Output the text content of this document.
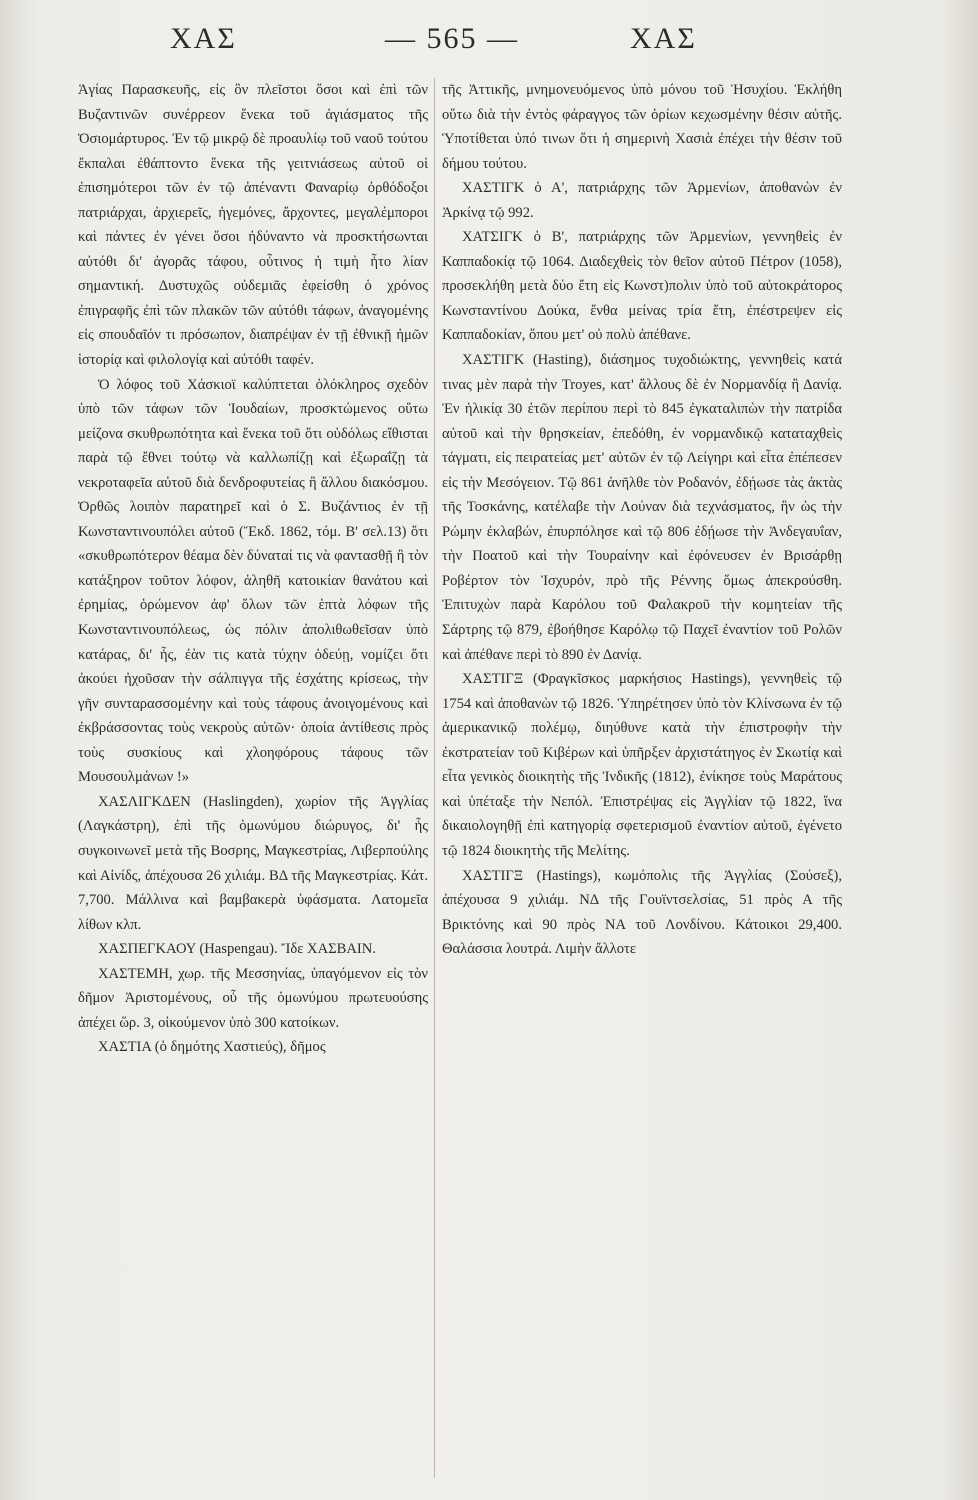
ΧΑΣ	— 565 —	ΧΑΣ

Ἁγίας Παρασκευῆς, εἰς ὃν πλεῖστοι ὅσοι καὶ ἐπὶ τῶν Βυζαντινῶν συνέρρεον ἕνεκα τοῦ ἁγιάσματος τῆς Ὁσιομάρτυρος. Ἐν τῷ μικρῷ δὲ προαυλίῳ τοῦ ναοῦ τούτου ἔκπαλαι ἐθάπτοντο ἕνεκα τῆς γειτνιάσεως αὐτοῦ οἱ ἐπισημότεροι τῶν ἐν τῷ ἀπέναντι Φαναρίῳ ὀρθόδοξοι πατριάρχαι, ἀρχιερεῖς, ἡγεμόνες, ἄρχοντες, μεγαλέμποροι καὶ πάντες ἐν γένει ὅσοι ἠδύναντο νὰ προσκτήσωνται αὐτόθι δι' ἀγορᾶς τάφου, οὗτινος ἡ τιμὴ ἦτο λίαν σημαντική. Δυστυχῶς οὐδεμιᾶς ἐφείσθη ὁ χρόνος ἐπιγραφῆς ἐπὶ τῶν πλακῶν τῶν αὐτόθι τάφων, ἀναγομένης εἰς σπουδαῖόν τι πρόσωπον, διαπρέψαν ἐν τῇ ἐθνικῇ ἡμῶν ἱστορίᾳ καὶ φιλολογίᾳ καὶ αὐτόθι ταφέν.

Ὁ λόφος τοῦ Χάσκιοϊ καλύπτεται ὁλόκληρος σχεδὸν ὑπὸ τῶν τάφων τῶν Ἰουδαίων, προσκτώμενος οὕτω μείζονα σκυθρωπότητα καὶ ἕνεκα τοῦ ὅτι οὐδόλως εἴθισται παρὰ τῷ ἔθνει τούτῳ νὰ καλλωπίζῃ καὶ ἐξωραΐζῃ τὰ νεκροταφεῖα αὐτοῦ διὰ δενδροφυτείας ἢ ἄλλου διακόσμου. Ὀρθῶς λοιπὸν παρατηρεῖ καὶ ὁ Σ. Βυζάντιος ἐν τῇ Κωνσταντινουπόλει αὐτοῦ (Ἔκδ. 1862, τόμ. Β' σελ.13) ὅτι «σκυθρωπότερον θέαμα δὲν δύναταί τις νὰ φαντασθῇ ἢ τὸν κατάξηρον τοῦτον λόφον, ἀληθῆ κατοικίαν θανάτου καὶ ἐρημίας, ὁρώμενον ἀφ' ὅλων τῶν ἑπτὰ λόφων τῆς Κωνσταντινουπόλεως, ὡς πόλιν ἀπολιθωθεῖσαν ὑπὸ κατάρας, δι' ἧς, ἐὰν τις κατὰ τύχην ὁδεύῃ, νομίζει ὅτι ἀκούει ἠχοῦσαν τὴν σάλπιγγα τῆς ἐσχάτης κρίσεως, τὴν γῆν συνταρασσομένην καὶ τοὺς τάφους ἀνοιγομένους καὶ ἐκβράσσοντας τοὺς νεκροὺς αὐτῶν· ὁποία ἀντίθεσις πρὸς τοὺς συσκίους καὶ χλοηφόρους τάφους τῶν Μουσουλμάνων !»

ΧΑΣΛΙΓΚΔΕΝ (Haslingden), χωρίον τῆς Ἀγγλίας (Λαγκάστρη), ἐπὶ τῆς ὁμωνύμου διώρυγος, δι' ἧς συγκοινωνεῖ μετὰ τῆς Βοσρης, Μαγκεστρίας, Λιβερπούλης καὶ Αἰνίδς, ἀπέχουσα 26 χιλιάμ. ΒΔ τῆς Μαγκεστρίας. Κάτ. 7,700. Μάλλινα καὶ βαμβακερὰ ὑφάσματα. Λατομεῖα λίθων κλπ.

ΧΑΣΠΕΓΚΑΟΥ (Haspengau). Ἴδε ΧΑΣΒΑΙΝ.

ΧΑΣΤΕΜΗ, χωρ. τῆς Μεσσηνίας, ὑπαγόμενον εἰς τὸν δῆμον Ἀριστομένους, οὗ τῆς ὁμωνύμου πρωτευούσης ἀπέχει ὥρ. 3, οἰκούμενον ὑπὸ 300 κατοίκων.

ΧΑΣΤΙΑ (ὁ δημότης Χαστιεύς), δῆμος

τῆς Ἀττικῆς, μνημονευόμενος ὑπὸ μόνου τοῦ Ἡσυχίου. Ἐκλήθη οὕτω διὰ τὴν ἐντὸς φάραγγος τῶν ὁρίων κεχωσμένην θέσιν αὐτῆς. Ὑποτίθεται ὑπό τινων ὅτι ἡ σημερινὴ Χασιὰ ἐπέχει τὴν θέσιν τοῦ δήμου τούτου.

ΧΑΣΤΙΓΚ ὁ Α', πατριάρχης τῶν Ἀρμενίων, ἀποθανὼν ἐν Ἀρκίνᾳ τῷ 992.

ΧΑΤΣΙΓΚ ὁ Β', πατριάρχης τῶν Ἀρμενίων, γεννηθεὶς ἐν Καππαδοκίᾳ τῷ 1064. Διαδεχθεὶς τὸν θεῖον αὐτοῦ Πέτρον (1058), προσεκλήθη μετὰ δύο ἔτη εἰς Κωνστ)πολιν ὑπὸ τοῦ αὐτοκράτορος Κωνσταντίνου Δούκα, ἔνθα μείνας τρία ἔτη, ἐπέστρεψεν εἰς Καππαδοκίαν, ὅπου μετ' οὐ πολὺ ἀπέθανε.

ΧΑΣΤΙΓΚ (Hasting), διάσημος τυχοδιώκτης, γεννηθεὶς κατά τινας μὲν παρὰ τὴν Troyes, κατ' ἄλλους δὲ ἐν Νορμανδίᾳ ἢ Δανίᾳ. Ἐν ἡλικίᾳ 30 ἐτῶν περίπου περὶ τὸ 845 ἐγκαταλιπὼν τὴν πατρίδα αὐτοῦ καὶ τὴν θρησκείαν, ἐπεδόθη, ἐν νορμανδικῷ καταταχθεὶς τάγματι, εἰς πειρατείας μετ' αὐτῶν ἐν τῷ Λείγηρι καὶ εἶτα ἐπέπεσεν εἰς τὴν Μεσόγειον. Τῷ 861 ἀνῆλθε τὸν Ροδανόν, ἐδῄωσε τὰς ἀκτὰς τῆς Τοσκάνης, κατέλαβε τὴν Λούναν διὰ τεχνάσματος, ἣν ὡς τὴν Ρώμην ἐκλαβών, ἐπυρπόλησε καὶ τῷ 806 ἐδῄωσε τὴν Ἀνδεγαυΐαν, τὴν Ποατοῦ καὶ τὴν Τουραίνην καὶ ἐφόνευσεν ἐν Βρισάρθῃ Ροβέρτον τὸν Ἰσχυρόν, πρὸ τῆς Ρέννης ὅμως ἀπεκρούσθη. Ἐπιτυχὼν παρὰ Καρόλου τοῦ Φαλακροῦ τὴν κομητείαν τῆς Σάρτρης τῷ 879, ἐβοήθησε Καρόλῳ τῷ Παχεῖ ἐναντίον τοῦ Ρολῶν καὶ ἀπέθανε περὶ τὸ 890 ἐν Δανίᾳ.

ΧΑΣΤΙΓΞ (Φραγκῖσκος μαρκήσιος Hastings), γεννηθεὶς τῷ 1754 καὶ ἀποθανὼν τῷ 1826. Ὑπηρέτησεν ὑπὸ τὸν Κλίνσωνα ἐν τῷ ἀμερικανικῷ πολέμῳ, διηύθυνε κατὰ τὴν ἐπιστροφὴν τὴν ἐκστρατείαν τοῦ Κιβέρων καὶ ὑπῆρξεν ἀρχιστάτηγος ἐν Σκωτίᾳ καὶ εἶτα γενικὸς διοικητὴς τῆς Ἰνδικῆς (1812), ἐνίκησε τοὺς Μαράτους καὶ ὑπέταξε τὴν Νεπόλ. Ἐπιστρέψας εἰς Ἀγγλίαν τῷ 1822, ἵνα δικαιολογηθῇ ἐπὶ κατηγορίᾳ σφετερισμοῦ ἐναντίον αὐτοῦ, ἐγένετο τῷ 1824 διοικητὴς τῆς Μελίτης.

ΧΑΣΤΙΓΞ (Hastings), κωμόπολις τῆς Ἀγγλίας (Σούσεξ), ἀπέχουσα 9 χιλιάμ. ΝΔ τῆς Γουϊντσελσίας, 51 πρὸς Α τῆς Βρικτόνης καὶ 90 πρὸς ΝΑ τοῦ Λονδίνου. Κάτοικοι 29,400. Θαλάσσια λουτρά. Λιμὴν ἄλλοτε
